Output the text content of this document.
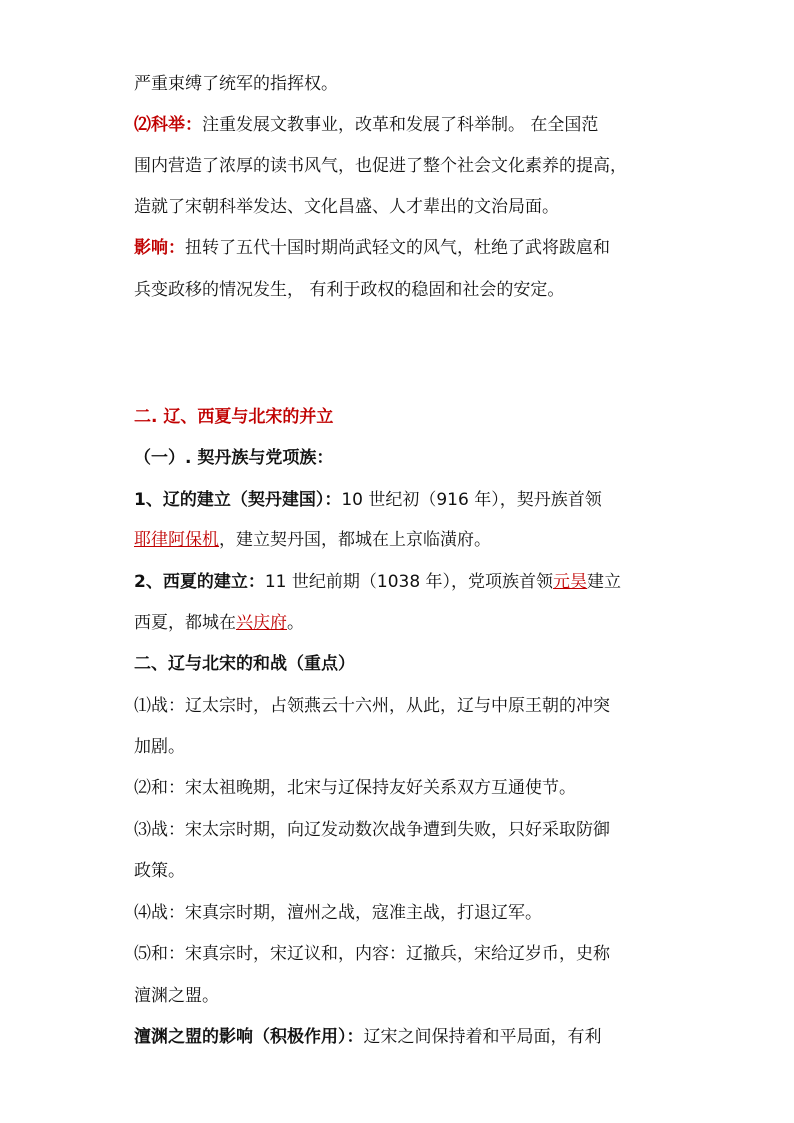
严重束缚了统军的指挥权。
⑵科举：注重发展文教事业，改革和发展了科举制。 在全国范
围内营造了浓厚的读书风气，也促进了整个社会文化素养的提高，
造就了宋朝科举发达、文化昌盛、人才辈出的文治局面。
影响：扭转了五代十国时期尚武轻文的风气，杜绝了武将跋扈和
兵变政移的情况发生， 有利于政权的稳固和社会的安定。
二. 辽、西夏与北宋的并立
（一）. 契丹族与党项族：
1、辽的建立（契丹建国）：10 世纪初（916 年），契丹族首领
耶律阿保机，建立契丹国，都城在上京临潢府。
2、西夏的建立：11 世纪前期（1038 年），党项族首领元昊建立
西夏，都城在兴庆府。
二、辽与北宋的和战（重点）
⑴战：辽太宗时，占领燕云十六州，从此，辽与中原王朝的冲突
加剧。
⑵和：宋太祖晚期，北宋与辽保持友好关系双方互通使节。
⑶战：宋太宗时期，向辽发动数次战争遭到失败，只好采取防御
政策。
⑷战：宋真宗时期，澶州之战，寇准主战，打退辽军。
⑸和：宋真宗时，宋辽议和，内容：辽撤兵，宋给辽岁币，史称
澶渊之盟。
澶渊之盟的影响（积极作用）：辽宋之间保持着和平局面，有利
